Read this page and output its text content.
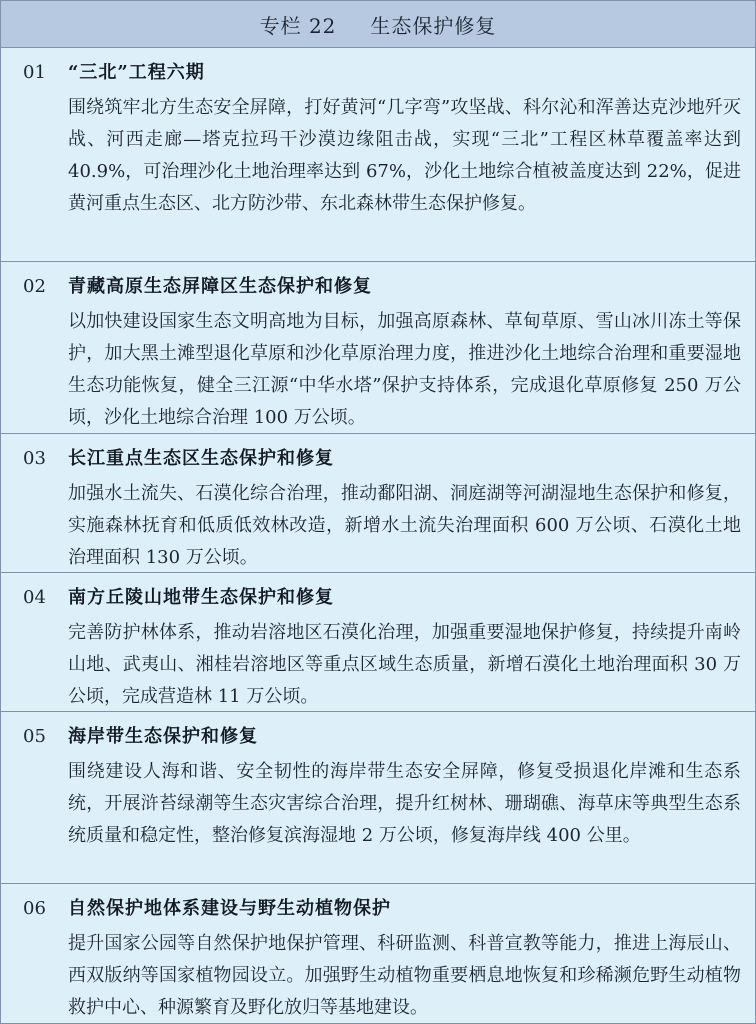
专栏 22 生态保护修复
01 “三北”工程六期
围绕筑牢北方生态安全屏障，打好黄河“几字弯”攻坚战、科尔沁和浑善达克沙地歼灭战、河西走廊—塔克拉玛干沙漠边缘阻击战，实现“三北”工程区林草覆盖率达到 40.9%，可治理沙化土地治理率达到 67%，沙化土地综合植被盖度达到 22%，促进黄河重点生态区、北方防沙带、东北森林带生态保护修复。
02 青藏高原生态屏障区生态保护和修复
以加快建设国家生态文明高地为目标，加强高原森林、草甸草原、雪山冰川冻土等保护，加大黑土滩型退化草原和沙化草原治理力度，推进沙化土地综合治理和重要湿地生态功能恢复，健全三江源“中华水塔”保护支持体系，完成退化草原修复 250 万公顷，沙化土地综合治理 100 万公顷。
03 长江重点生态区生态保护和修复
加强水土流失、石漠化综合治理，推动鄱阳湖、洞庭湖等河湖湿地生态保护和修复，实施森林抚育和低质低效林改造，新增水土流失治理面积 600 万公顷、石漠化土地治理面积 130 万公顷。
04 南方丘陵山地带生态保护和修复
完善防护林体系，推动岩溶地区石漠化治理，加强重要湿地保护修复，持续提升南岭山地、武夷山、湘桂岩溶地区等重点区域生态质量，新增石漠化土地治理面积 30 万公顷，完成营造林 11 万公顷。
05 海岸带生态保护和修复
围绕建设人海和谐、安全韧性的海岸带生态安全屏障，修复受损退化岸滩和生态系统，开展浒苔绿潮等生态灾害综合治理，提升红树林、珊瑚礁、海草床等典型生态系统质量和稳定性，整治修复滨海湿地 2 万公顷，修复海岸线 400 公里。
06 自然保护地体系建设与野生动植物保护
提升国家公园等自然保护地保护管理、科研监测、科普宣教等能力，推进上海辰山、西双版纳等国家植物园设立。加强野生动植物重要栖息地恢复和珍稀濒危野生动植物救护中心、种源繁育及野化放归等基地建设。
